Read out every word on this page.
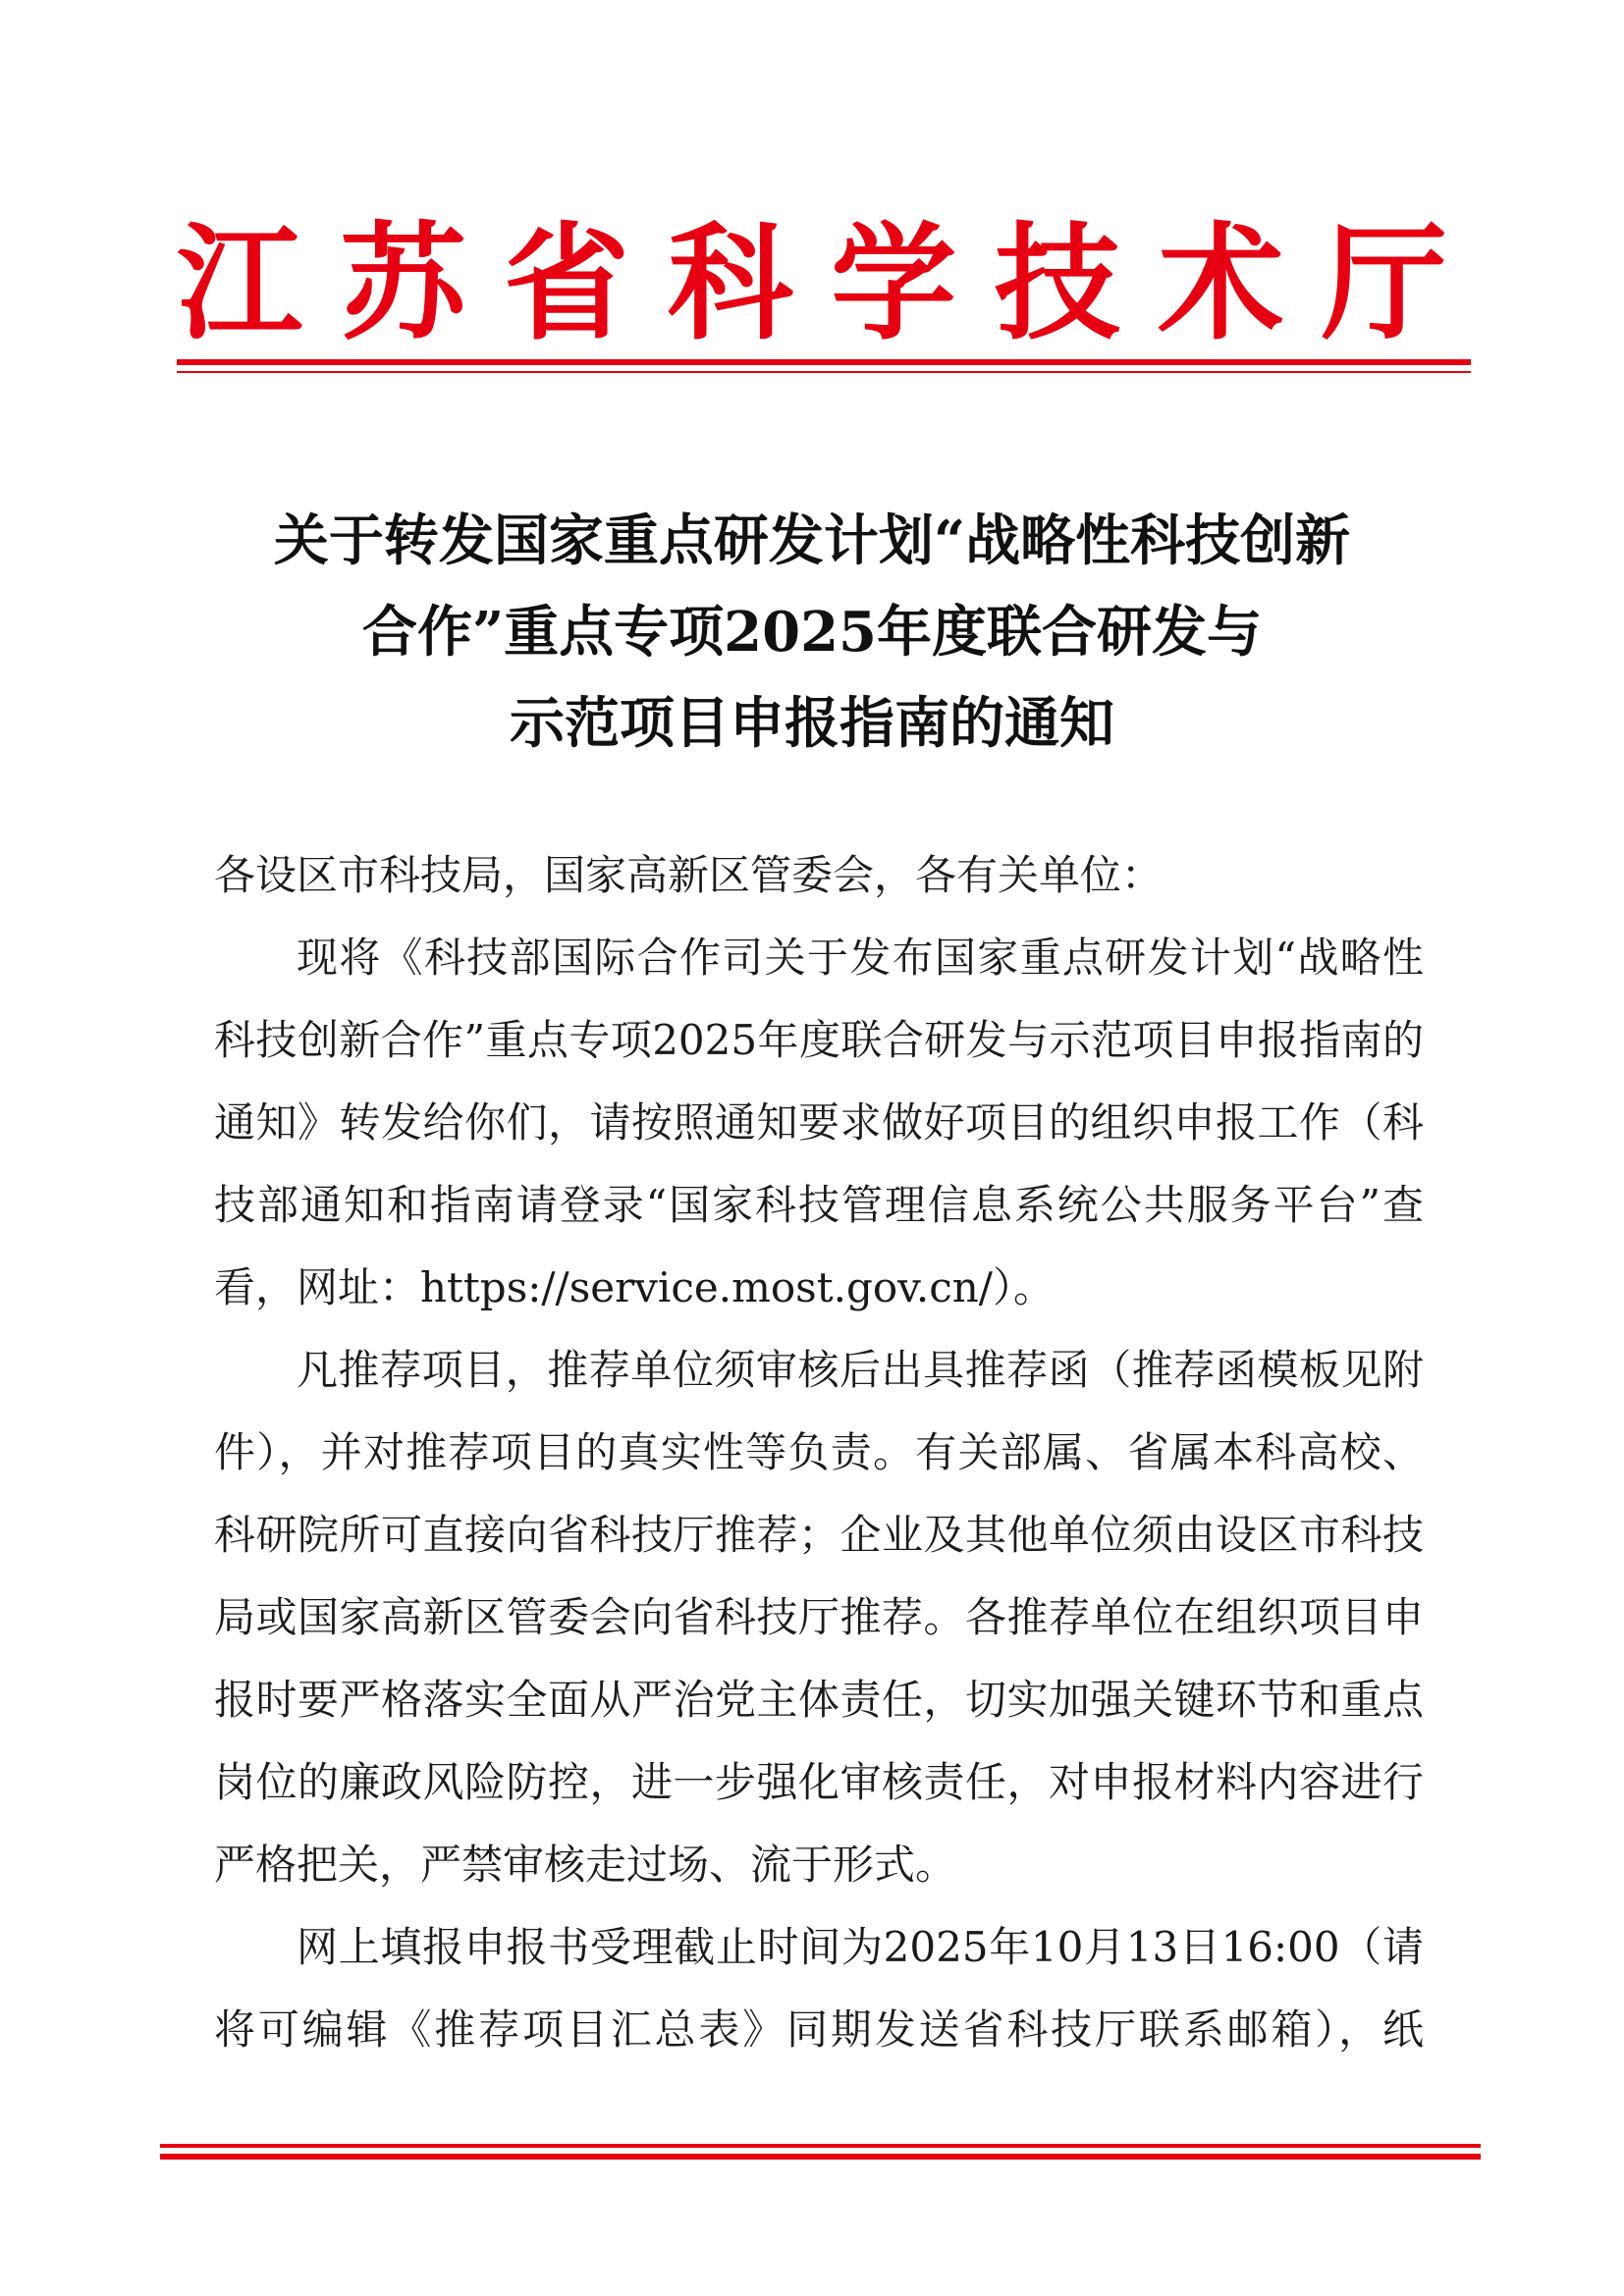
江 苏 省 科 学 技 术 厅
关于转发国家重点研发计划“战略性科技创新
合作”重点专项2025年度联合研发与
示范项目申报指南的通知

各设区市科技局，国家高新区管委会，各有关单位：

现将《科技部国际合作司关于发布国家重点研发计划“战略性科技创新合作”重点专项2025年度联合研发与示范项目申报指南的通知》转发给你们，请按照通知要求做好项目的组织申报工作（科技部通知和指南请登录“国家科技管理信息系统公共服务平台”查看，网址：https://service.most.gov.cn/）。

凡推荐项目，推荐单位须审核后出具推荐函（推荐函模板见附件），并对推荐项目的真实性等负责。有关部属、省属本科高校、科研院所可直接向省科技厅推荐；企业及其他单位须由设区市科技局或国家高新区管委会向省科技厅推荐。各推荐单位在组织项目申报时要严格落实全面从严治党主体责任，切实加强关键环节和重点岗位的廉政风险防控，进一步强化审核责任，对申报材料内容进行严格把关，严禁审核走过场、流于形式。

网上填报申报书受理截止时间为2025年10月13日16:00（请将可编辑《推荐项目汇总表》同期发送省科技厅联系邮箱），纸
